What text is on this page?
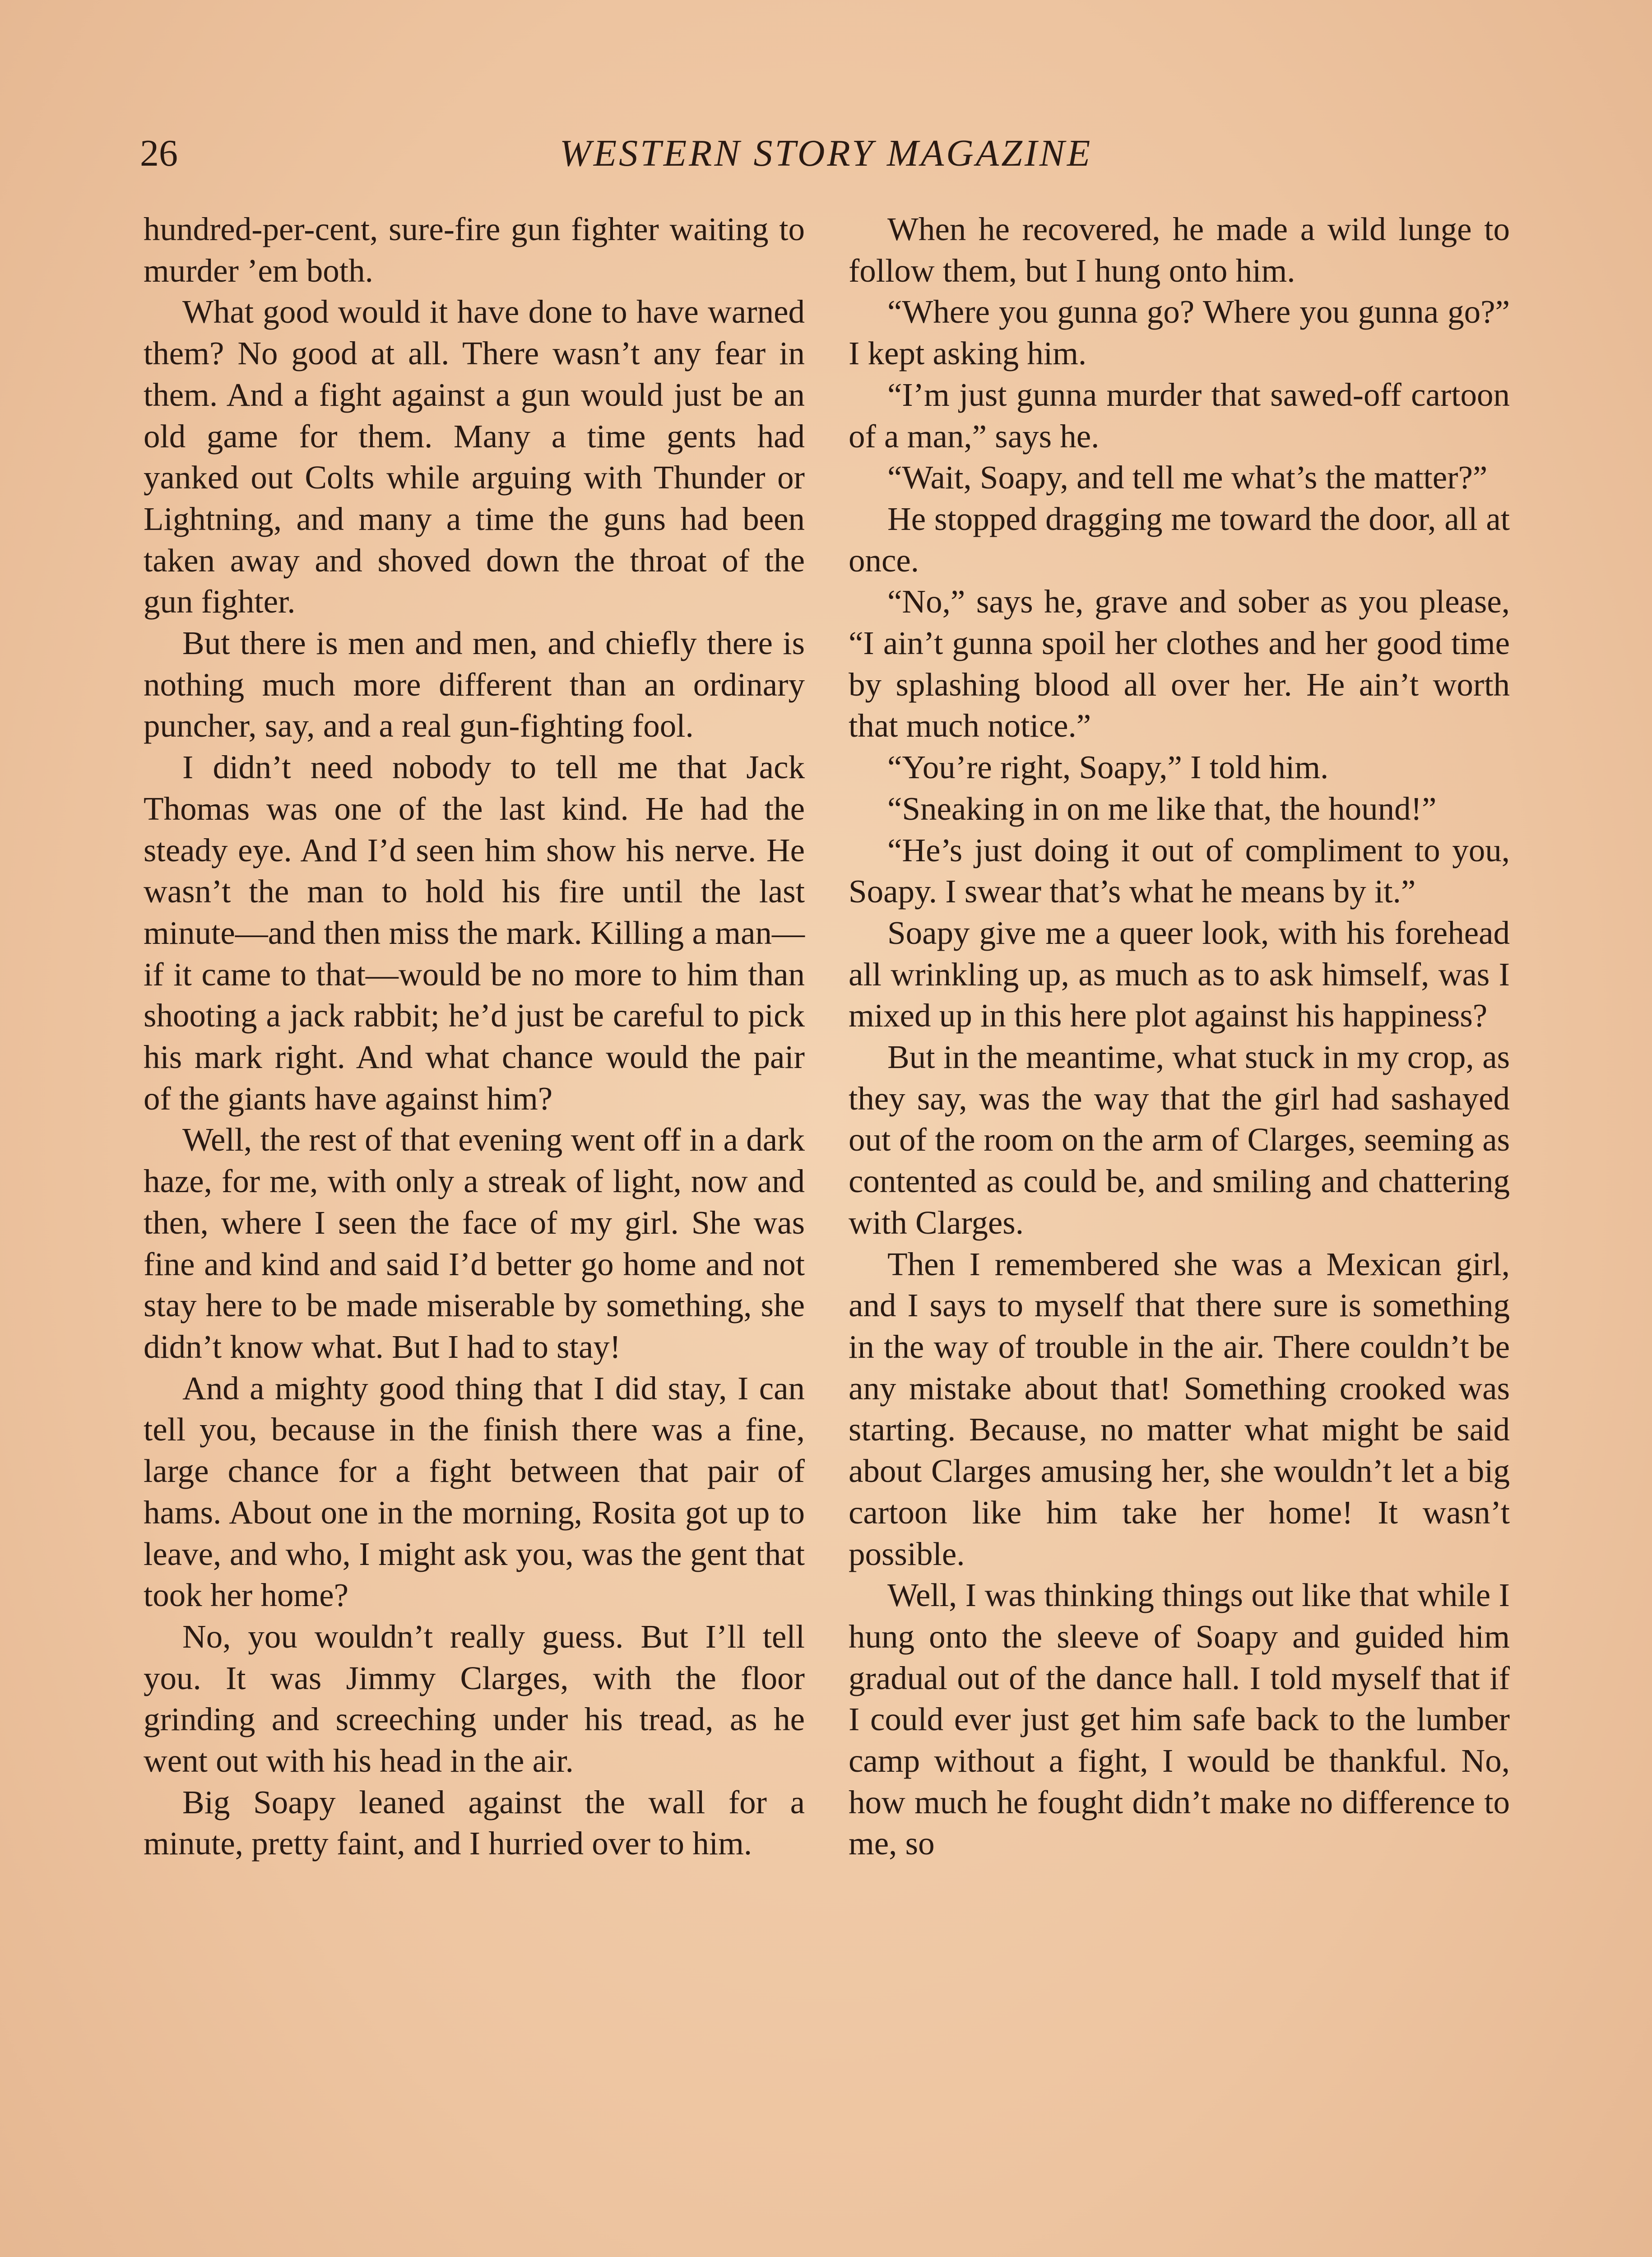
26	WESTERN STORY MAGAZINE

hundred-per-cent, sure-fire gun fighter waiting to murder ’em both.

What good would it have done to have warned them? No good at all. There wasn’t any fear in them. And a fight against a gun would just be an old game for them. Many a time gents had yanked out Colts while arguing with Thunder or Lightning, and many a time the guns had been taken away and shoved down the throat of the gun fighter.

But there is men and men, and chiefly there is nothing much more different than an ordinary puncher, say, and a real gun-fighting fool.

I didn’t need nobody to tell me that Jack Thomas was one of the last kind. He had the steady eye. And I’d seen him show his nerve. He wasn’t the man to hold his fire until the last minute—and then miss the mark. Killing a man—if it came to that—would be no more to him than shooting a jack rabbit; he’d just be careful to pick his mark right. And what chance would the pair of the giants have against him?

Well, the rest of that evening went off in a dark haze, for me, with only a streak of light, now and then, where I seen the face of my girl. She was fine and kind and said I’d better go home and not stay here to be made miserable by something, she didn’t know what. But I had to stay!

And a mighty good thing that I did stay, I can tell you, because in the finish there was a fine, large chance for a fight between that pair of hams. About one in the morning, Rosita got up to leave, and who, I might ask you, was the gent that took her home?

No, you wouldn’t really guess. But I’ll tell you. It was Jimmy Clarges, with the floor grinding and screeching under his tread, as he went out with his head in the air.

Big Soapy leaned against the wall for a minute, pretty faint, and I hurried over to him.

When he recovered, he made a wild lunge to follow them, but I hung onto him.

“Where you gunna go? Where you gunna go?” I kept asking him.

“I’m just gunna murder that sawed-off cartoon of a man,” says he.

“Wait, Soapy, and tell me what’s the matter?”

He stopped dragging me toward the door, all at once.

“No,” says he, grave and sober as you please, “I ain’t gunna spoil her clothes and her good time by splashing blood all over her. He ain’t worth that much notice.”

“You’re right, Soapy,” I told him.

“Sneaking in on me like that, the hound!”

“He’s just doing it out of compliment to you, Soapy. I swear that’s what he means by it.”

Soapy give me a queer look, with his forehead all wrinkling up, as much as to ask himself, was I mixed up in this here plot against his happiness?

But in the meantime, what stuck in my crop, as they say, was the way that the girl had sashayed out of the room on the arm of Clarges, seeming as contented as could be, and smiling and chattering with Clarges.

Then I remembered she was a Mexican girl, and I says to myself that there sure is something in the way of trouble in the air. There couldn’t be any mistake about that! Something crooked was starting. Because, no matter what might be said about Clarges amusing her, she wouldn’t let a big cartoon like him take her home! It wasn’t possible.

Well, I was thinking things out like that while I hung onto the sleeve of Soapy and guided him gradual out of the dance hall. I told myself that if I could ever just get him safe back to the lumber camp without a fight, I would be thankful. No, how much he fought didn’t make no difference to me, so
